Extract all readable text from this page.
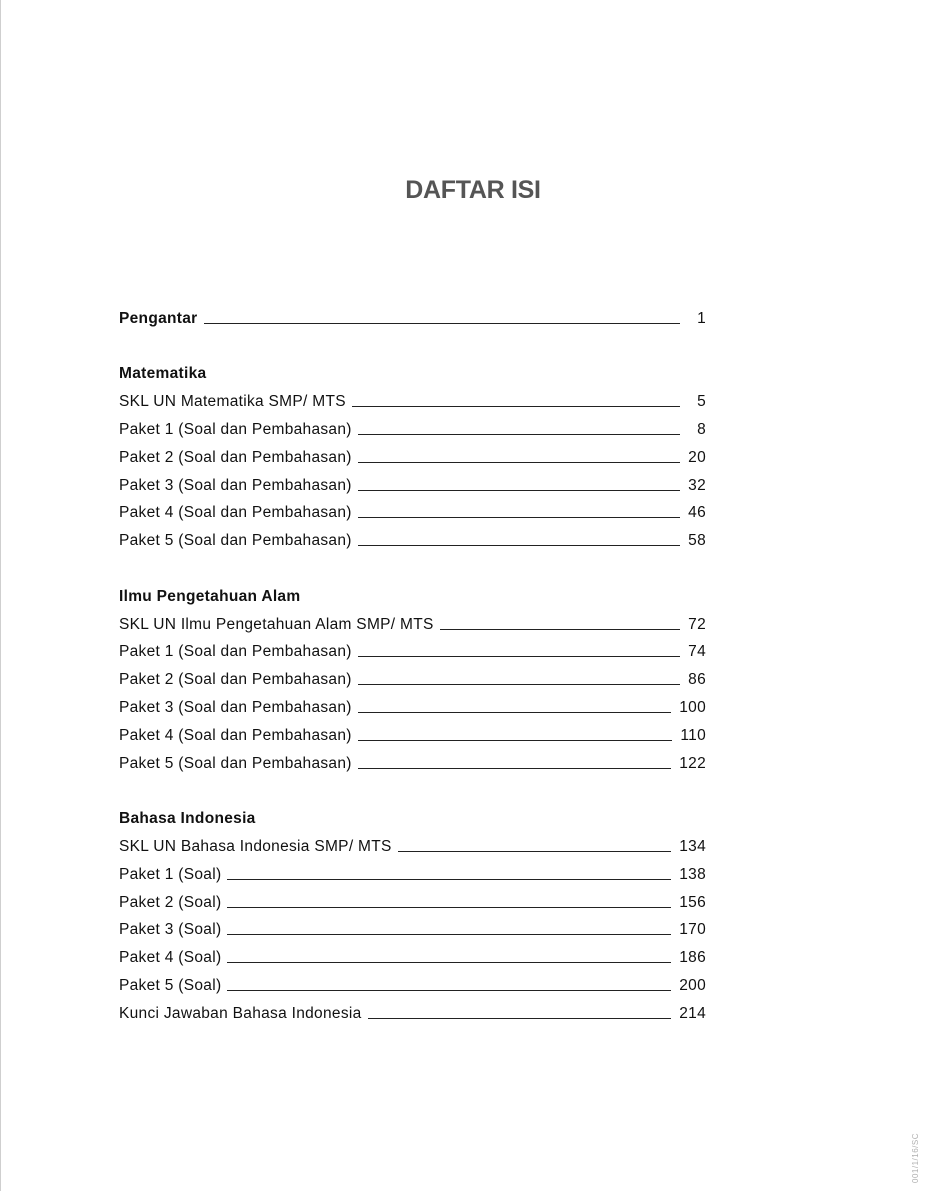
DAFTAR ISI
Pengantar	1
Matematika
SKL UN Matematika SMP/ MTS	5
Paket 1 (Soal dan Pembahasan)	8
Paket 2 (Soal dan Pembahasan)	20
Paket 3 (Soal dan Pembahasan)	32
Paket 4 (Soal dan Pembahasan)	46
Paket 5 (Soal dan Pembahasan)	58
Ilmu Pengetahuan Alam
SKL UN Ilmu Pengetahuan Alam SMP/ MTS	72
Paket 1 (Soal dan Pembahasan)	74
Paket 2 (Soal dan Pembahasan)	86
Paket 3 (Soal dan Pembahasan)	100
Paket 4 (Soal dan Pembahasan)	110
Paket 5 (Soal dan Pembahasan)	122
Bahasa Indonesia
SKL UN Bahasa Indonesia SMP/ MTS	134
Paket 1 (Soal)	138
Paket 2 (Soal)	156
Paket 3 (Soal)	170
Paket 4 (Soal)	186
Paket 5 (Soal)	200
Kunci Jawaban Bahasa Indonesia	214
001/1/16/SC
